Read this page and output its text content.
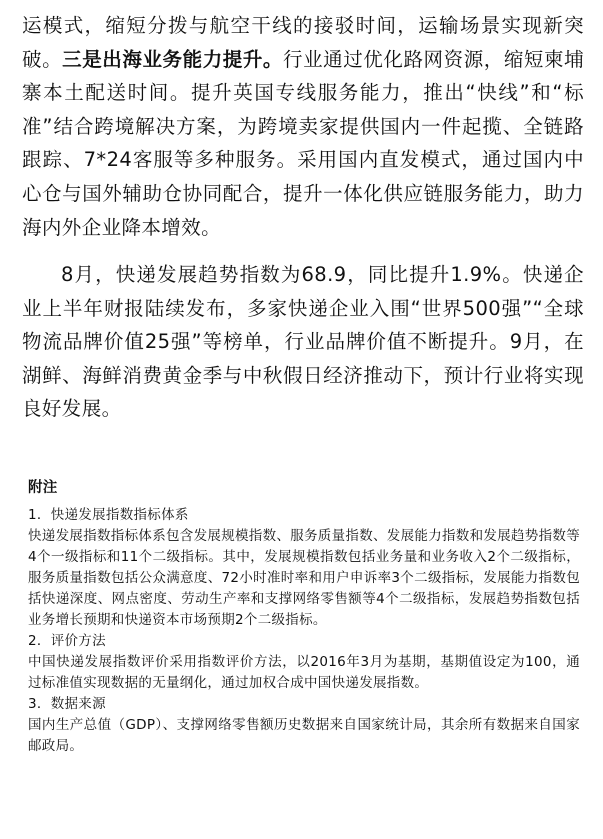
运模式，缩短分拨与航空干线的接驳时间，运输场景实现新突破。三是出海业务能力提升。行业通过优化路网资源，缩短柬埔寨本土配送时间。提升英国专线服务能力，推出“快线”和“标准”结合跨境解决方案，为跨境卖家提供国内一件起揽、全链路跟踪、7*24客服等多种服务。采用国内直发模式，通过国内中心仓与国外辅助仓协同配合，提升一体化供应链服务能力，助力海内外企业降本增效。

8月，快递发展趋势指数为68.9，同比提升1.9%。快递企业上半年财报陆续发布，多家快递企业入围“世界500强”“全球物流品牌价值25强”等榜单，行业品牌价值不断提升。9月，在湖鲜、海鲜消费黄金季与中秋假日经济推动下，预计行业将实现良好发展。

附注

1．快递发展指数指标体系

快递发展指数指标体系包含发展规模指数、服务质量指数、发展能力指数和发展趋势指数等4个一级指标和11个二级指标。其中，发展规模指数包括业务量和业务收入2个二级指标，服务质量指数包括公众满意度、72小时准时率和用户申诉率3个二级指标，发展能力指数包括快递深度、网点密度、劳动生产率和支撑网络零售额等4个二级指标，发展趋势指数包括业务增长预期和快递资本市场预期2个二级指标。

2．评价方法

中国快递发展指数评价采用指数评价方法，以2016年3月为基期，基期值设定为100，通过标准值实现数据的无量纲化，通过加权合成中国快递发展指数。

3．数据来源

国内生产总值（GDP）、支撑网络零售额历史数据来自国家统计局，其余所有数据来自国家邮政局。
